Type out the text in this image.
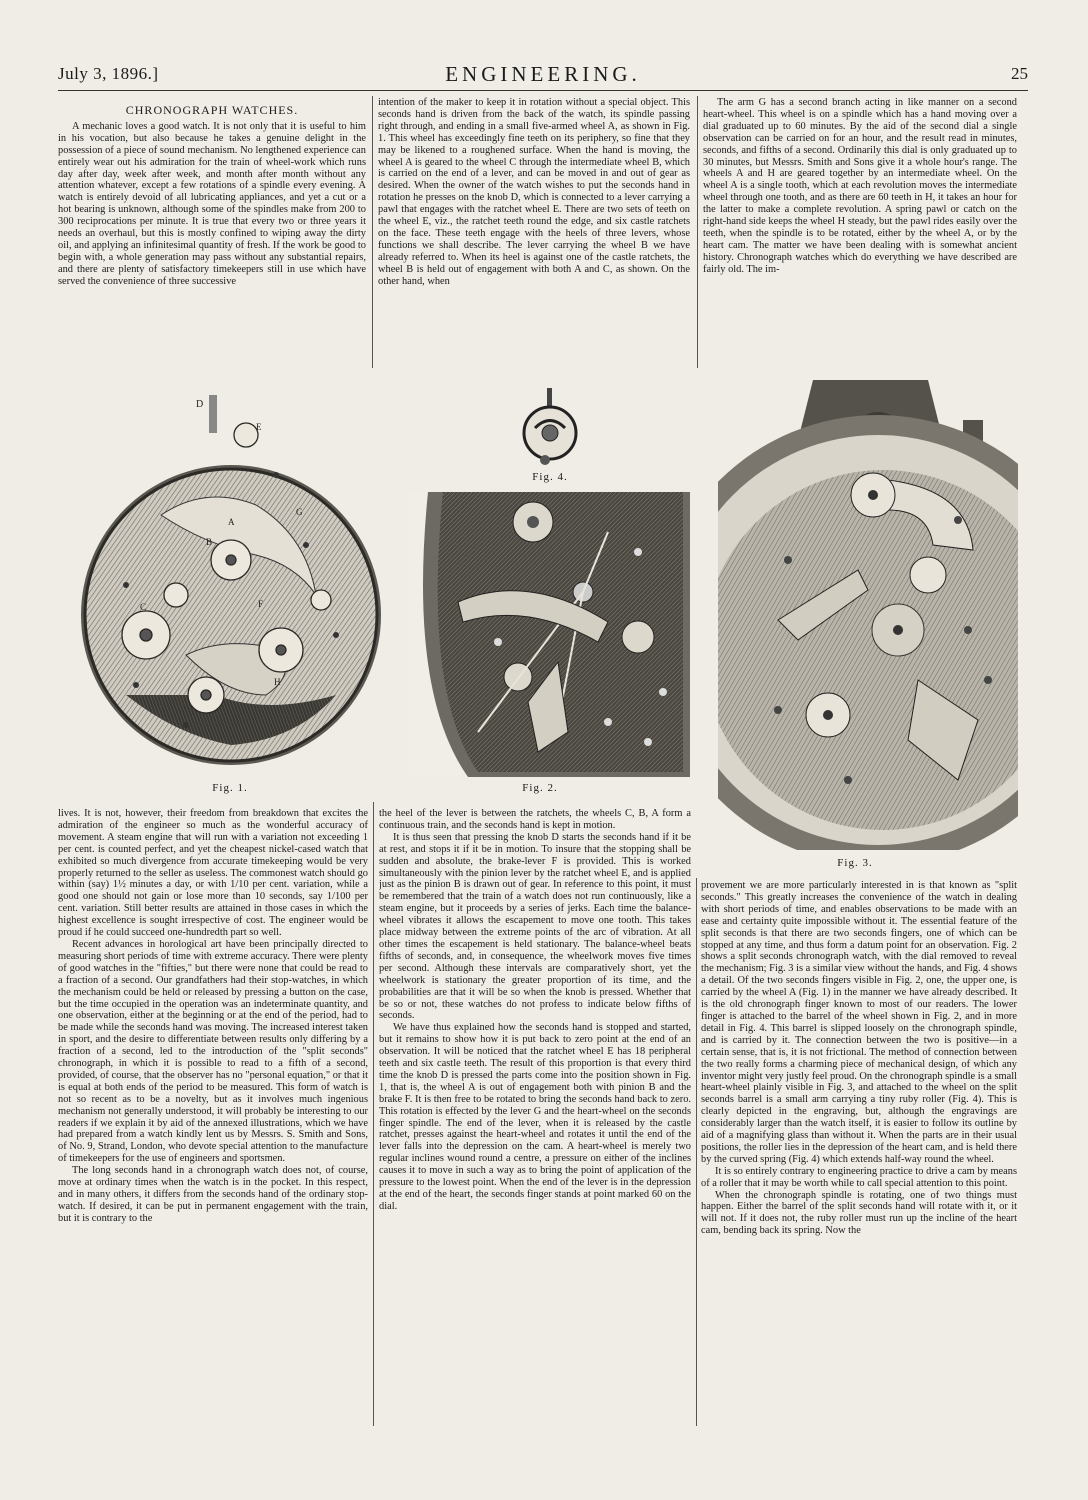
July 3, 1896.]	ENGINEERING.	25

CHRONOGRAPH WATCHES.

A mechanic loves a good watch. It is not only that it is useful to him in his vocation, but also because he takes a genuine delight in the possession of a piece of sound mechanism. No lengthened experience can entirely wear out his admiration for the train of wheel-work which runs day after day, week after week, and month after month without any attention whatever, except a few rotations of a spindle every evening. A watch is entirely devoid of all lubricating appliances, and yet a cut or a hot bearing is unknown, although some of the spindles make from 200 to 300 reciprocations per minute. It is true that every two or three years it needs an overhaul, but this is mostly confined to wiping away the dirty oil, and applying an infinitesimal quantity of fresh. If the work be good to begin with, a whole generation may pass without any substantial repairs, and there are plenty of satisfactory timekeepers still in use which have served the convenience of three successive

intention of the maker to keep it in rotation without a special object. This seconds hand is driven from the back of the watch, its spindle passing right through, and ending in a small five-armed wheel A, as shown in Fig. 1. This wheel has exceedingly fine teeth on its periphery, so fine that they may be likened to a roughened surface. When the hand is moving, the wheel A is geared to the wheel C through the intermediate wheel B, which is carried on the end of a lever, and can be moved in and out of gear as desired. When the owner of the watch wishes to put the seconds hand in rotation he presses on the knob D, which is connected to a lever carrying a pawl that engages with the ratchet wheel E. There are two sets of teeth on the wheel E, viz., the ratchet teeth round the edge, and six castle ratchets on the face. These teeth engage with the heels of three levers, whose functions we shall describe. The lever carrying the wheel B we have already referred to. When its heel is against one of the castle ratchets, the wheel B is held out of engagement with both A and C, as shown. On the other hand, when

The arm G has a second branch acting in like manner on a second heart-wheel. This wheel is on a spindle which has a hand moving over a dial graduated up to 60 minutes. By the aid of the second dial a single observation can be carried on for an hour, and the result read in minutes, seconds, and fifths of a second. Ordinarily this dial is only graduated up to 30 minutes, but Messrs. Smith and Sons give it a whole hour's range. The wheels A and H are geared together by an intermediate wheel. On the wheel A is a single tooth, which at each revolution moves the intermediate wheel through one tooth, and as there are 60 teeth in H, it takes an hour for the latter to make a complete revolution. A spring pawl or catch on the right-hand side keeps the wheel H steady, but the pawl rides easily over the teeth, when the spindle is to be rotated, either by the wheel A, or by the heart cam. The matter we have been dealing with is somewhat ancient history. Chronograph watches which do everything we have described are fairly old. The im-

D
A
B
C
E
F
G
H
Fig. 1.
Fig. 4.
Fig. 2.
Fig. 3.

lives. It is not, however, their freedom from breakdown that excites the admiration of the engineer so much as the wonderful accuracy of movement. A steam engine that will run with a variation not exceeding 1 per cent. is counted perfect, and yet the cheapest nickel-cased watch that exhibited so much divergence from accurate timekeeping would be very properly returned to the seller as useless. The commonest watch should go within (say) 1½ minutes a day, or with 1/10 per cent. variation, while a good one should not gain or lose more than 10 seconds, say 1/100 per cent. variation. Still better results are attained in those cases in which the highest excellence is sought irrespective of cost. The engineer would be proud if he could succeed one-hundredth part so well.

Recent advances in horological art have been principally directed to measuring short periods of time with extreme accuracy. There were plenty of good watches in the "fifties," but there were none that could be read to a fraction of a second. Our grandfathers had their stop-watches, in which the mechanism could be held or released by pressing a button on the case, but the time occupied in the operation was an indeterminate quantity, and one observation, either at the beginning or at the end of the period, had to be made while the seconds hand was moving. The increased interest taken in sport, and the desire to differentiate between results only differing by a fraction of a second, led to the introduction of the "split seconds" chronograph, in which it is possible to read to a fifth of a second, provided, of course, that the observer has no "personal equation," or that it is equal at both ends of the period to be measured. This form of watch is not so recent as to be a novelty, but as it involves much ingenious mechanism not generally understood, it will probably be interesting to our readers if we explain it by aid of the annexed illustrations, which we have had prepared from a watch kindly lent us by Messrs. S. Smith and Sons, of No. 9, Strand, London, who devote special attention to the manufacture of timekeepers for the use of engineers and sportsmen.

The long seconds hand in a chronograph watch does not, of course, move at ordinary times when the watch is in the pocket. In this respect, and in many others, it differs from the seconds hand of the ordinary stop-watch. If desired, it can be put in permanent engagement with the train, but it is contrary to the

the heel of the lever is between the ratchets, the wheels C, B, A form a continuous train, and the seconds hand is kept in motion.

It is thus seen that pressing the knob D starts the seconds hand if it be at rest, and stops it if it be in motion. To insure that the stopping shall be sudden and absolute, the brake-lever F is provided. This is worked simultaneously with the pinion lever by the ratchet wheel E, and is applied just as the pinion B is drawn out of gear. In reference to this point, it must be remembered that the train of a watch does not run continuously, like a steam engine, but it proceeds by a series of jerks. Each time the balance-wheel vibrates it allows the escapement to move one tooth. This takes place midway between the extreme points of the arc of vibration. At all other times the escapement is held stationary. The balance-wheel beats fifths of seconds, and, in consequence, the wheelwork moves five times per second. Although these intervals are comparatively short, yet the wheelwork is stationary the greater proportion of its time, and the probabilities are that it will be so when the knob is pressed. Whether that be so or not, these watches do not profess to indicate below fifths of seconds.

We have thus explained how the seconds hand is stopped and started, but it remains to show how it is put back to zero point at the end of an observation. It will be noticed that the ratchet wheel E has 18 peripheral teeth and six castle teeth. The result of this proportion is that every third time the knob D is pressed the parts come into the position shown in Fig. 1, that is, the wheel A is out of engagement both with pinion B and the brake F. It is then free to be rotated to bring the seconds hand back to zero. This rotation is effected by the lever G and the heart-wheel on the seconds finger spindle. The end of the lever, when it is released by the castle ratchet, presses against the heart-wheel and rotates it until the end of the lever falls into the depression on the cam. A heart-wheel is merely two regular inclines wound round a centre, a pressure on either of the inclines causes it to move in such a way as to bring the point of application of the pressure to the lowest point. When the end of the lever is in the depression at the end of the heart, the seconds finger stands at point marked 60 on the dial.

provement we are more particularly interested in is that known as "split seconds." This greatly increases the convenience of the watch in dealing with short periods of time, and enables observations to be made with an ease and certainty quite impossible without it. The essential feature of the split seconds is that there are two seconds fingers, one of which can be stopped at any time, and thus form a datum point for an observation. Fig. 2 shows a split seconds chronograph watch, with the dial removed to reveal the mechanism; Fig. 3 is a similar view without the hands, and Fig. 4 shows a detail. Of the two seconds fingers visible in Fig. 2, one, the upper one, is carried by the wheel A (Fig. 1) in the manner we have already described. It is the old chronograph finger known to most of our readers. The lower finger is attached to the barrel of the wheel shown in Fig. 2, and in more detail in Fig. 4. This barrel is slipped loosely on the chronograph spindle, and is carried by it. The connection between the two is positive—in a certain sense, that is, it is not frictional. The method of connection between the two really forms a charming piece of mechanical design, of which any inventor might very justly feel proud. On the chronograph spindle is a small heart-wheel plainly visible in Fig. 3, and attached to the wheel on the split seconds barrel is a small arm carrying a tiny ruby roller (Fig. 4). This is clearly depicted in the engraving, but, although the engravings are considerably larger than the watch itself, it is easier to follow its outline by aid of a magnifying glass than without it. When the parts are in their usual positions, the roller lies in the depression of the heart cam, and is held there by the curved spring (Fig. 4) which extends half-way round the wheel.

It is so entirely contrary to engineering practice to drive a cam by means of a roller that it may be worth while to call special attention to this point.

When the chronograph spindle is rotating, one of two things must happen. Either the barrel of the split seconds hand will rotate with it, or it will not. If it does not, the ruby roller must run up the incline of the heart cam, bending back its spring. Now the
